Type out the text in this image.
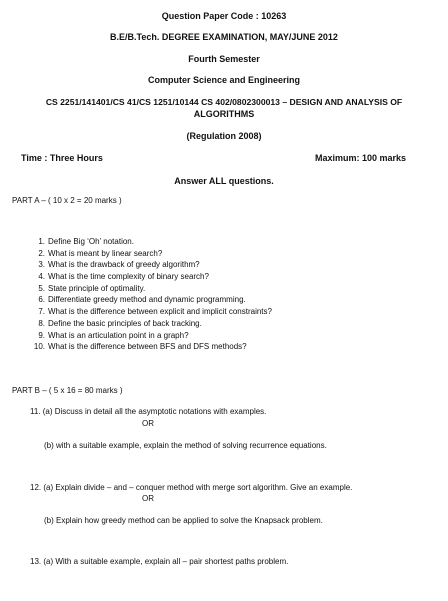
Question Paper Code : 10263
B.E/B.Tech. DEGREE EXAMINATION, MAY/JUNE 2012
Fourth Semester
Computer Science and Engineering
CS 2251/141401/CS 41/CS 1251/10144 CS 402/0802300013 – DESIGN AND ANALYSIS OF
ALGORITHMS
(Regulation 2008)
Time : Three Hours	Maximum: 100 marks
Answer ALL questions.
PART A – ( 10 x 2 = 20 marks )
1. Define Big ‘Oh’ notation.
2. What is meant by linear search?
3. What is the drawback of greedy algorithm?
4. What is the time complexity of binary search?
5. State principle of optimality.
6. Differentiate greedy method and dynamic programming.
7. What is the difference between explicit and implicit constraints?
8. Define the basic principles of back tracking.
9. What is an articulation point in a graph?
10. What is the difference between BFS and DFS methods?
PART B – ( 5 x 16 = 80 marks )
11. (a) Discuss in detail all the asymptotic notations with examples.
OR
(b) with a suitable example, explain the method of solving recurrence equations.
12. (a) Explain divide – and – conquer method with merge sort algorithm. Give an example.
OR
(b) Explain how greedy method can be applied to solve the Knapsack problem.
13. (a) With a suitable example, explain all – pair shortest paths problem.
